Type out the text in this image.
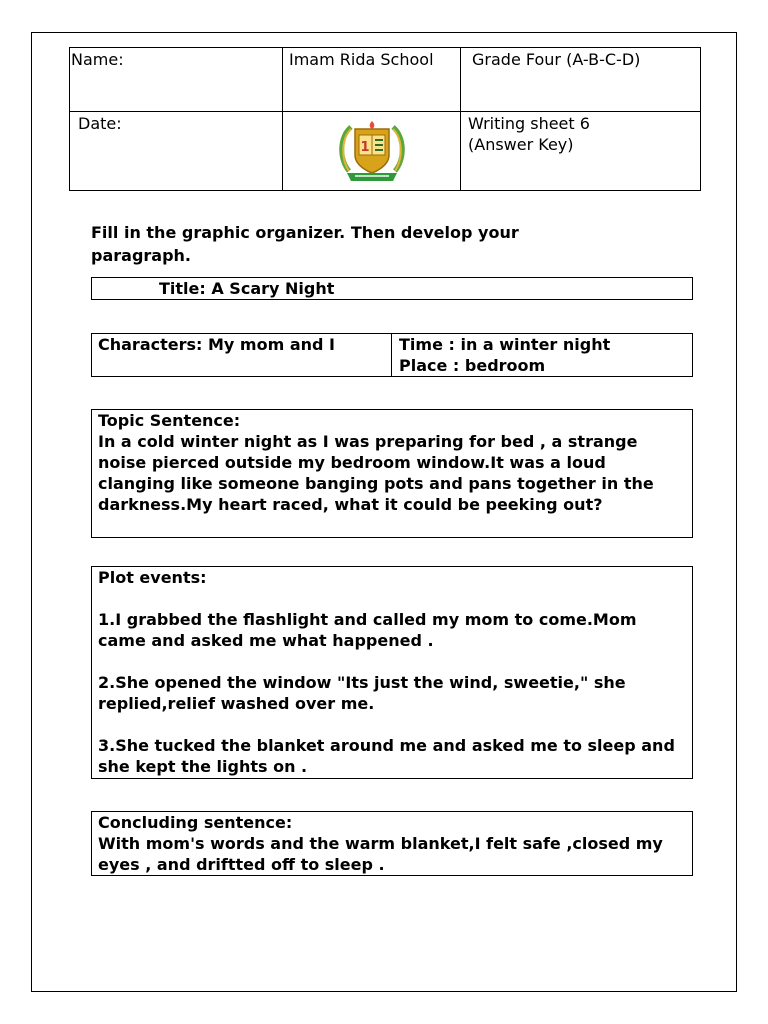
Name:	Imam Rida School	Grade Four (A-B-C-D)
Date:	1	Writing sheet 6
(Answer Key)
Fill in the graphic organizer. Then develop your paragraph.
Title: A Scary Night
Characters: My mom and I	Time : in a winter night
Place : bedroom

Topic Sentence:

In a cold winter night as I was preparing for bed , a strange noise pierced outside my bedroom window.It was a loud clanging like someone banging pots and pans together in the darkness.My heart raced, what it could be peeking out?

Plot events:

1.I grabbed the flashlight and called my mom to come.Mom came and asked me what happened .

2.She opened the window "Its just the wind, sweetie," she replied,relief washed over me.

3.She tucked the blanket around me and asked me to sleep and she kept the lights on .

Concluding sentence:

With mom's words and the warm blanket,I felt safe ,closed my eyes , and driftted off to sleep .
